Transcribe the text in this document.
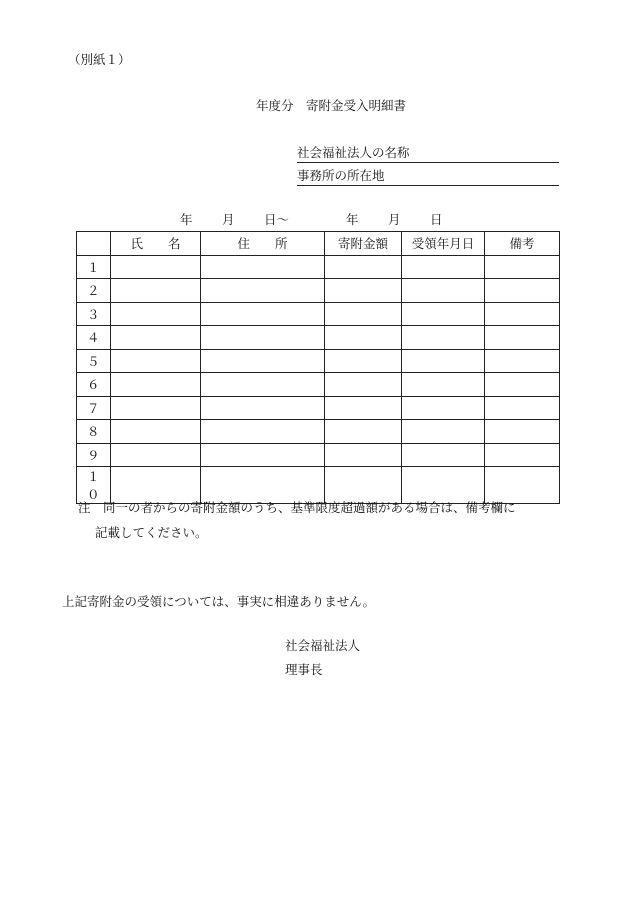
（別紙１）
年度分　寄附金受入明細書
社会福祉法人の名称
事務所の所在地
年 月 日～	年 月 日
	氏　　名	住　　所	寄附金額	受領年月日	備考
１					
２					
３					
４					
５					
６					
７					
８					
９					
１０					
注　同一の者からの寄附金額のうち、基準限度超過額がある場合は、備考欄に
記載してください。
上記寄附金の受領については、事実に相違ありません。
社会福祉法人
理事長
